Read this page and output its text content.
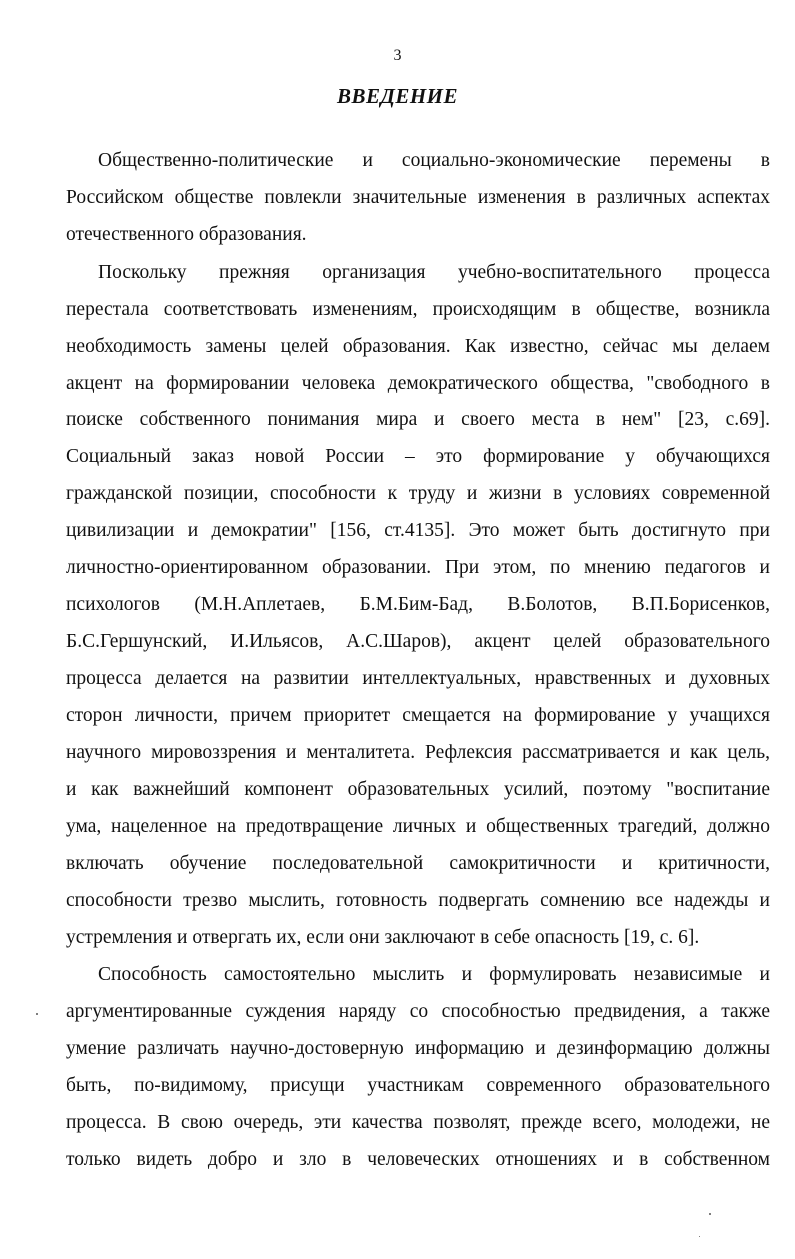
3
ВВЕДЕНИЕ
Общественно-политические и социально-экономические перемены в
Российском обществе повлекли значительные изменения в различных аспектах
отечественного образования.
Поскольку прежняя организация учебно-воспитательного процесса
перестала соответствовать изменениям, происходящим в обществе, возникла
необходимость замены целей образования. Как известно, сейчас мы делаем
акцент на формировании человека демократического общества, "свободного в
поиске собственного понимания мира и своего места в нем" [23, с.69].
Социальный заказ новой России – это формирование у обучающихся
гражданской позиции, способности к труду и жизни в условиях современной
цивилизации и демократии" [156, ст.4135]. Это может быть достигнуто при
личностно-ориентированном образовании. При этом, по мнению педагогов и
психологов (М.Н.Аплетаев, Б.М.Бим-Бад, В.Болотов, В.П.Борисенков,
Б.С.Гершунский, И.Ильясов, А.С.Шаров), акцент целей образовательного
процесса делается на развитии интеллектуальных, нравственных и духовных
сторон личности, причем приоритет смещается на формирование у учащихся
научного мировоззрения и менталитета. Рефлексия рассматривается и как цель,
и как важнейший компонент образовательных усилий, поэтому "воспитание
ума, нацеленное на предотвращение личных и общественных трагедий, должно
включать обучение последовательной самокритичности и критичности,
способности трезво мыслить, готовность подвергать сомнению все надежды и
устремления и отвергать их, если они заключают в себе опасность [19, с. 6].
Способность самостоятельно мыслить и формулировать независимые и
аргументированные суждения наряду со способностью предвидения, а также
умение различать научно-достоверную информацию и дезинформацию должны
быть, по-видимому, присущи участникам современного образовательного
процесса. В свою очередь, эти качества позволят, прежде всего, молодежи, не
только видеть добро и зло в человеческих отношениях и в собственном
